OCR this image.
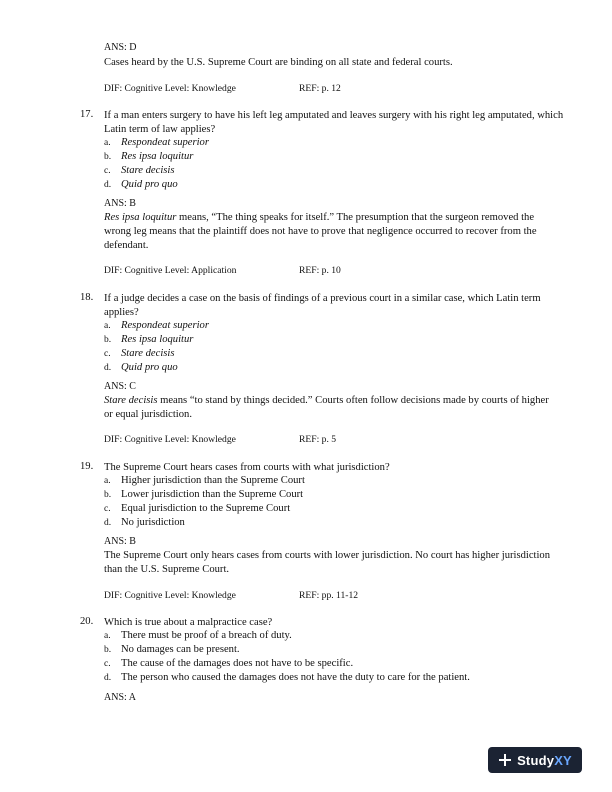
ANS: D
Cases heard by the U.S. Supreme Court are binding on all state and federal courts.
DIF: Cognitive Level: Knowledge	REF: p. 12
17. If a man enters surgery to have his left leg amputated and leaves surgery with his right leg amputated, which Latin term of law applies?
a. Respondeat superior
b. Res ipsa loquitur
c. Stare decisis
d. Quid pro quo
ANS: B
Res ipsa loquitur means, “The thing speaks for itself.” The presumption that the surgeon removed the wrong leg means that the plaintiff does not have to prove that negligence occurred to recover from the defendant.
DIF: Cognitive Level: Application	REF: p. 10
18. If a judge decides a case on the basis of findings of a previous court in a similar case, which Latin term applies?
a. Respondeat superior
b. Res ipsa loquitur
c. Stare decisis
d. Quid pro quo
ANS: C
Stare decisis means “to stand by things decided.” Courts often follow decisions made by courts of higher or equal jurisdiction.
DIF: Cognitive Level: Knowledge	REF: p. 5
19. The Supreme Court hears cases from courts with what jurisdiction?
a. Higher jurisdiction than the Supreme Court
b. Lower jurisdiction than the Supreme Court
c. Equal jurisdiction to the Supreme Court
d. No jurisdiction
ANS: B
The Supreme Court only hears cases from courts with lower jurisdiction. No court has higher jurisdiction than the U.S. Supreme Court.
DIF: Cognitive Level: Knowledge	REF: pp. 11-12
20. Which is true about a malpractice case?
a. There must be proof of a breach of duty.
b. No damages can be present.
c. The cause of the damages does not have to be specific.
d. The person who caused the damages does not have the duty to care for the patient.
ANS: A
StudyXY
